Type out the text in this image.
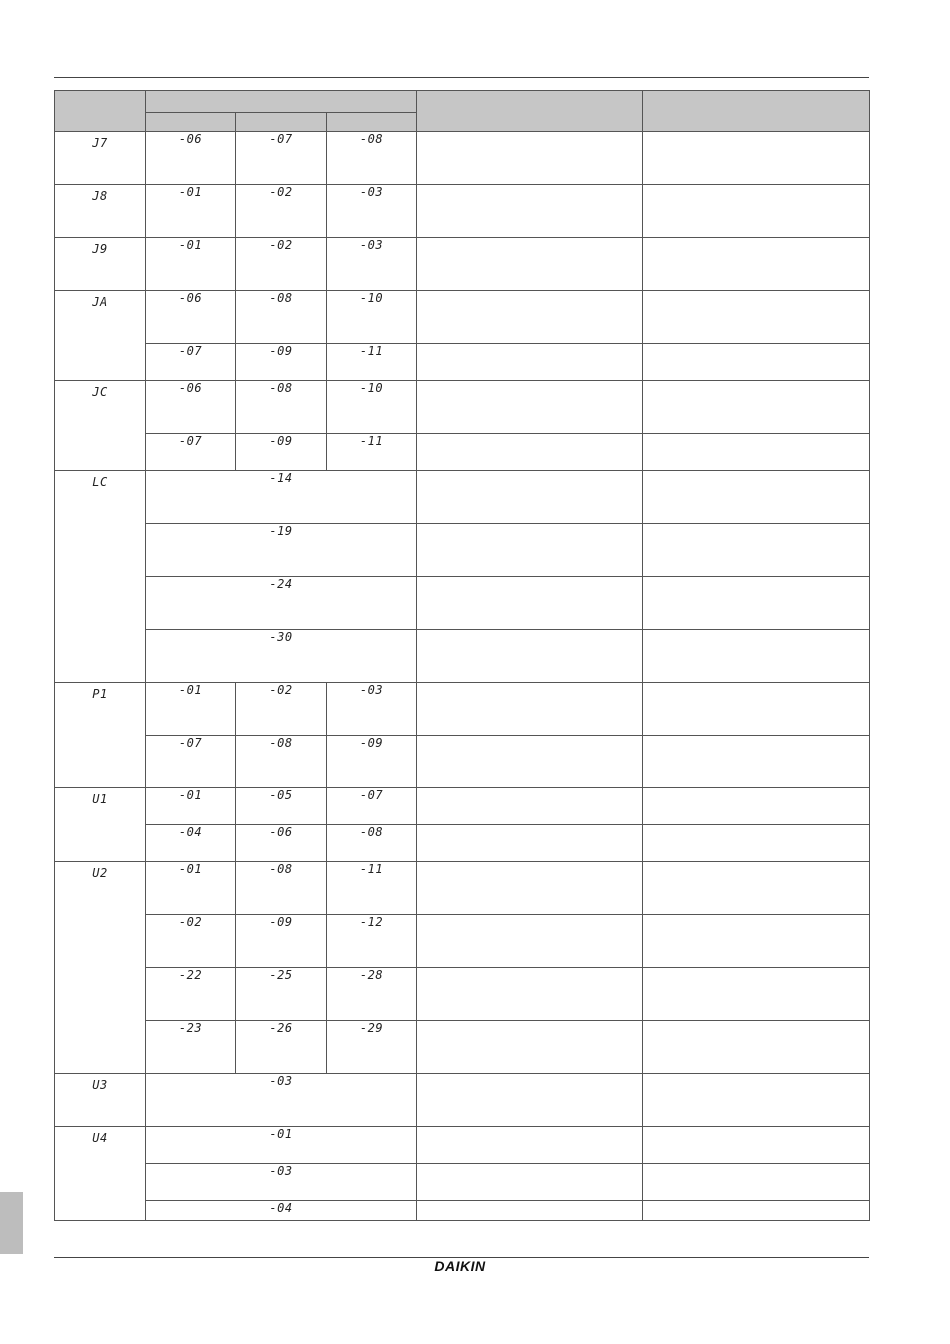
J7	-06	-07	-08		
J8	-01	-02	-03		
J9	-01	-02	-03		
JA	-06	-08	-10		
	-07	-09	-11		
JC	-06	-08	-10		
	-07	-09	-11		
LC	-14				
	-19				
	-24				
	-30				
P1	-01	-02	-03		
	-07	-08	-09		
U1	-01	-05	-07		
	-04	-06	-08		
U2	-01	-08	-11		
	-02	-09	-12		
	-22	-25	-28		
	-23	-26	-29		
U3	-03				
U4	-01				
	-03				
	-04				
DAIKIN
